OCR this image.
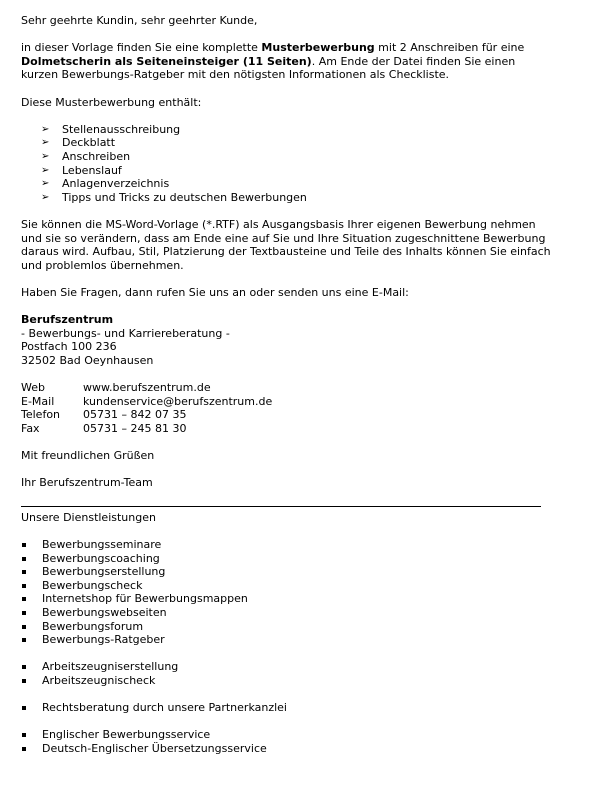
Sehr geehrte Kundin, sehr geehrter Kunde,

in dieser Vorlage finden Sie eine komplette Musterbewerbung mit 2 Anschreiben für eine Dolmetscherin als Seiteneinsteiger (11 Seiten). Am Ende der Datei finden Sie einen kurzen Bewerbungs-Ratgeber mit den nötigsten Informationen als Checkliste.

Diese Musterbewerbung enthält:

➢ Stellenausschreibung
➢ Deckblatt
➢ Anschreiben
➢ Lebenslauf
➢ Anlagenverzeichnis
➢ Tipps und Tricks zu deutschen Bewerbungen

Sie können die MS-Word-Vorlage (*.RTF) als Ausgangsbasis Ihrer eigenen Bewerbung nehmen und sie so verändern, dass am Ende eine auf Sie und Ihre Situation zugeschnittene Bewerbung daraus wird. Aufbau, Stil, Platzierung der Textbausteine und Teile des Inhalts können Sie einfach und problemlos übernehmen.

Haben Sie Fragen, dann rufen Sie uns an oder senden uns eine E-Mail:

Berufszentrum

- Bewerbungs- und Karriereberatung -

Postfach 100 236

32502 Bad Oeynhausen

Web	www.berufszentrum.de
E-Mail	kundenservice@berufszentrum.de
Telefon	05731 – 842 07 35
Fax	05731 – 245 81 30

Mit freundlichen Grüßen

Ihr Berufszentrum-Team

Unsere Dienstleistungen

Bewerbungsseminare
Bewerbungscoaching
Bewerbungserstellung
Bewerbungscheck
Internetshop für Bewerbungsmappen
Bewerbungswebseiten
Bewerbungsforum
Bewerbungs-Ratgeber
Arbeitszeugniserstellung
Arbeitszeugnischeck
Rechtsberatung durch unsere Partnerkanzlei
Englischer Bewerbungsservice
Deutsch-Englischer Übersetzungsservice
